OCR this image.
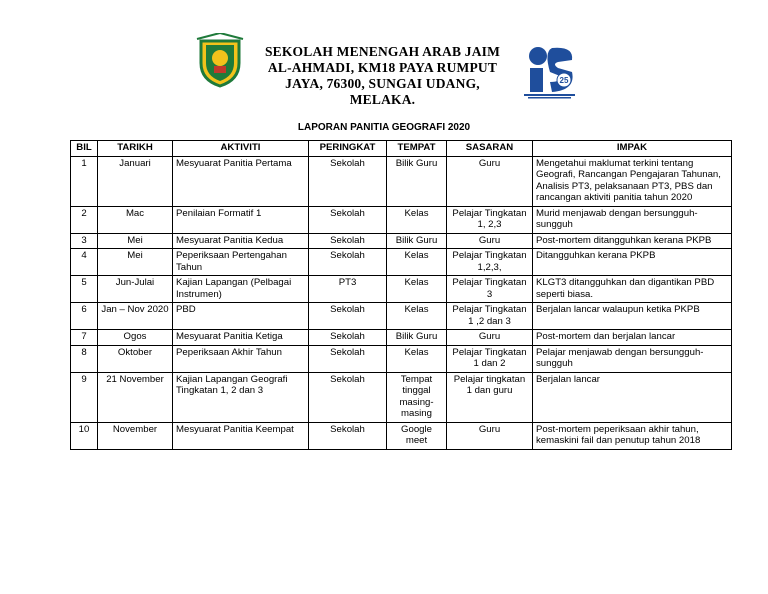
SEKOLAH MENENGAH ARAB JAIM
AL-AHMADI, KM18 PAYA RUMPUT
JAYA, 76300, SUNGAI UDANG,
MELAKA.
25
LAPORAN PANITIA GEOGRAFI 2020
BIL	TARIKH	AKTIVITI	PERINGKAT	TEMPAT	SASARAN	IMPAK
1	Januari	Mesyuarat Panitia Pertama	Sekolah	Bilik Guru	Guru	Mengetahui maklumat terkini tentang Geografi, Rancangan Pengajaran Tahunan, Analisis PT3, pelaksanaan PT3, PBS dan rancangan aktiviti panitia tahun 2020
2	Mac	Penilaian Formatif 1	Sekolah	Kelas	Pelajar Tingkatan 1, 2,3	Murid menjawab dengan bersungguh-sungguh
3	Mei	Mesyuarat Panitia Kedua	Sekolah	Bilik Guru	Guru	Post-mortem ditangguhkan kerana PKPB
4	Mei	Peperiksaan Pertengahan Tahun	Sekolah	Kelas	Pelajar Tingkatan 1,2,3,	Ditangguhkan kerana PKPB
5	Jun-Julai	Kajian Lapangan (Pelbagai Instrumen)	PT3	Kelas	Pelajar Tingkatan 3	KLGT3 ditangguhkan dan digantikan PBD seperti biasa.
6	Jan – Nov 2020	PBD	Sekolah	Kelas	Pelajar Tingkatan 1 ,2 dan 3	Berjalan lancar walaupun ketika PKPB
7	Ogos	Mesyuarat Panitia Ketiga	Sekolah	Bilik Guru	Guru	Post-mortem dan berjalan lancar
8	Oktober	Peperiksaan Akhir Tahun	Sekolah	Kelas	Pelajar Tingkatan 1 dan 2	Pelajar menjawab dengan bersungguh-sungguh
9	21 November	Kajian Lapangan Geografi Tingkatan 1, 2 dan 3	Sekolah	Tempat tinggal masing-masing	Pelajar tingkatan 1 dan guru	Berjalan lancar
10	November	Mesyuarat Panitia Keempat	Sekolah	Google meet	Guru	Post-mortem peperiksaan akhir tahun, kemaskini fail dan penutup tahun 2018
